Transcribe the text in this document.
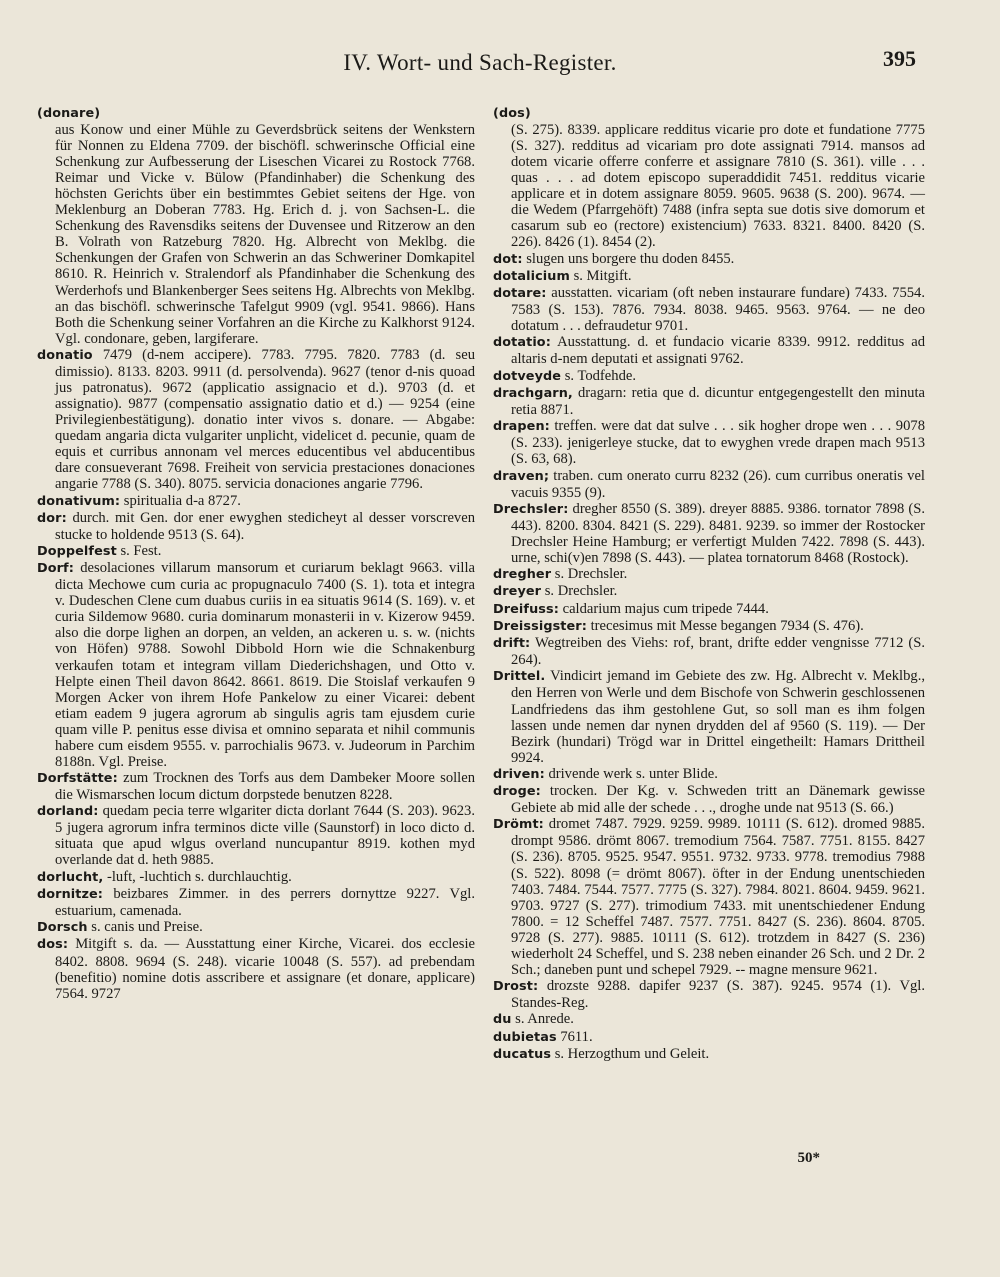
IV. Wort- und Sach-Register.	395

(donare)
aus Konow und einer Mühle zu Geverdsbrück seitens der Wenkstern für Nonnen zu Eldena 7709. der bischöfl. schwerinsche Official eine Schenkung zur Aufbesserung der Liseschen Vicarei zu Rostock 7768. Reimar und Vicke v. Bülow (Pfandinhaber) die Schenkung des höchsten Gerichts über ein bestimmtes Gebiet seitens der Hge. von Meklenburg an Doberan 7783. Hg. Erich d. j. von Sachsen-L. die Schenkung des Ravensdiks seitens der Duvensee und Ritzerow an den B. Volrath von Ratzeburg 7820. Hg. Albrecht von Meklbg. die Schenkungen der Grafen von Schwerin an das Schweriner Domkapitel 8610. R. Heinrich v. Stralendorf als Pfandinhaber die Schenkung des Werderhofs und Blankenberger Sees seitens Hg. Albrechts von Meklbg. an das bischöfl. schwerinsche Tafelgut 9909 (vgl. 9541. 9866). Hans Both die Schenkung seiner Vorfahren an die Kirche zu Kalkhorst 9124. Vgl. condonare, geben, largiferare.

donatio 7479 (d-nem accipere). 7783. 7795. 7820. 7783 (d. seu dimissio). 8133. 8203. 9911 (d. persolvenda). 9627 (tenor d-nis quoad jus patronatus). 9672 (applicatio assignacio et d.). 9703 (d. et assignatio). 9877 (compensatio assignatio datio et d.) — 9254 (eine Privilegienbestätigung). donatio inter vivos s. donare. — Abgabe: quedam angaria dicta vulgariter unplicht, videlicet d. pecunie, quam de equis et curribus annonam vel merces educentibus vel abducentibus dare consueverant 7698. Freiheit von servicia prestaciones donaciones angarie 7788 (S. 340). 8075. servicia donaciones angarie 7796.

donativum: spiritualia d-a 8727.

dor: durch. mit Gen. dor ener ewyghen stedicheyt al desser vorscreven stucke to holdende 9513 (S. 64).

Doppelfest s. Fest.

Dorf: desolaciones villarum mansorum et curiarum beklagt 9663. villa dicta Mechowe cum curia ac propugnaculo 7400 (S. 1). tota et integra v. Dudeschen Clene cum duabus curiis in ea situatis 9614 (S. 169). v. et curia Sildemow 9680. curia dominarum monasterii in v. Kizerow 9459. also die dorpe lighen an dorpen, an velden, an ackeren u. s. w. (nichts von Höfen) 9788. Sowohl Dibbold Horn wie die Schnakenburg verkaufen totam et integram villam Diederichshagen, und Otto v. Helpte einen Theil davon 8642. 8661. 8619. Die Stoislaf verkaufen 9 Morgen Acker von ihrem Hofe Pankelow zu einer Vicarei: debent etiam eadem 9 jugera agrorum ab singulis agris tam ejusdem curie quam ville P. penitus esse divisa et omnino separata et nihil communis habere cum eisdem 9555. v. parrochialis 9673. v. Judeorum in Parchim 8188n. Vgl. Preise.

Dorfstätte: zum Trocknen des Torfs aus dem Dambeker Moore sollen die Wismarschen locum dictum dorpstede benutzen 8228.

dorland: quedam pecia terre wlgariter dicta dorlant 7644 (S. 203). 9623. 5 jugera agrorum infra terminos dicte ville (Saunstorf) in loco dicto d. situata que apud wlgus overland nuncupantur 8919. kothen myd overlande dat d. heth 9885.

dorlucht, -luft, -luchtich s. durchlauchtig.

dornitze: beizbares Zimmer. in des perrers dornyttze 9227. Vgl. estuarium, camenada.

Dorsch s. canis und Preise.

dos: Mitgift s. da. — Ausstattung einer Kirche, Vicarei. dos ecclesie 8402. 8808. 9694 (S. 248). vicarie 10048 (S. 557). ad prebendam (benefitio) nomine dotis asscribere et assignare (et donare, applicare) 7564. 9727

(dos)
(S. 275). 8339. applicare redditus vicarie pro dote et fundatione 7775 (S. 327). redditus ad vicariam pro dote assignati 7914. mansos ad dotem vicarie offerre conferre et assignare 7810 (S. 361). ville . . . quas . . . ad dotem episcopo superaddidit 7451. redditus vicarie applicare et in dotem assignare 8059. 9605. 9638 (S. 200). 9674. — die Wedem (Pfarrgehöft) 7488 (infra septa sue dotis sive domorum et casarum sub eo (rectore) existencium) 7633. 8321. 8400. 8420 (S. 226). 8426 (1). 8454 (2).

dot: slugen uns borgere thu doden 8455.

dotalicium s. Mitgift.

dotare: ausstatten. vicariam (oft neben instaurare fundare) 7433. 7554. 7583 (S. 153). 7876. 7934. 8038. 9465. 9563. 9764. — ne deo dotatum . . . defraudetur 9701.

dotatio: Ausstattung. d. et fundacio vicarie 8339. 9912. redditus ad altaris d-nem deputati et assignati 9762.

dotveyde s. Todfehde.

drachgarn, dragarn: retia que d. dicuntur entgegengestellt den minuta retia 8871.

drapen: treffen. were dat dat sulve . . . sik hogher drope wen . . . 9078 (S. 233). jenigerleye stucke, dat to ewyghen vrede drapen mach 9513 (S. 63, 68).

draven; traben. cum onerato curru 8232 (26). cum curribus oneratis vel vacuis 9355 (9).

Drechsler: dregher 8550 (S. 389). dreyer 8885. 9386. tornator 7898 (S. 443). 8200. 8304. 8421 (S. 229). 8481. 9239. so immer der Rostocker Drechsler Heine Hamburg; er verfertigt Mulden 7422. 7898 (S. 443). urne, schi(v)en 7898 (S. 443). — platea tornatorum 8468 (Rostock).

dregher s. Drechsler.

dreyer s. Drechsler.

Dreifuss: caldarium majus cum tripede 7444.

Dreissigster: trecesimus mit Messe begangen 7934 (S. 476).

drift: Wegtreiben des Viehs: rof, brant, drifte edder vengnisse 7712 (S. 264).

Drittel. Vindicirt jemand im Gebiete des zw. Hg. Albrecht v. Meklbg., den Herren von Werle und dem Bischofe von Schwerin geschlossenen Landfriedens das ihm gestohlene Gut, so soll man es ihm folgen lassen unde nemen dar nynen drydden del af 9560 (S. 119). — Der Bezirk (hundari) Trögd war in Drittel eingetheilt: Hamars Drittheil 9924.

driven: drivende werk s. unter Blide.

droge: trocken. Der Kg. v. Schweden tritt an Dänemark gewisse Gebiete ab mid alle der schede . . ., droghe unde nat 9513 (S. 66.)

Drömt: dromet 7487. 7929. 9259. 9989. 10111 (S. 612). dromed 9885. drompt 9586. drömt 8067. tremodium 7564. 7587. 7751. 8155. 8427 (S. 236). 8705. 9525. 9547. 9551. 9732. 9733. 9778. tremodius 7988 (S. 522). 8098 (= drömt 8067). öfter in der Endung unentschieden 7403. 7484. 7544. 7577. 7775 (S. 327). 7984. 8021. 8604. 9459. 9621. 9703. 9727 (S. 277). trimodium 7433. mit unentschiedener Endung 7800. = 12 Scheffel 7487. 7577. 7751. 8427 (S. 236). 8604. 8705. 9728 (S. 277). 9885. 10111 (S. 612). trotzdem in 8427 (S. 236) wiederholt 24 Scheffel, und S. 238 neben einander 26 Sch. und 2 Dr. 2 Sch.; daneben punt und schepel 7929. -- magne mensure 9621.

Drost: drozste 9288. dapifer 9237 (S. 387). 9245. 9574 (1). Vgl. Standes-Reg.

du s. Anrede.

dubietas 7611.

ducatus s. Herzogthum und Geleit.

50*
